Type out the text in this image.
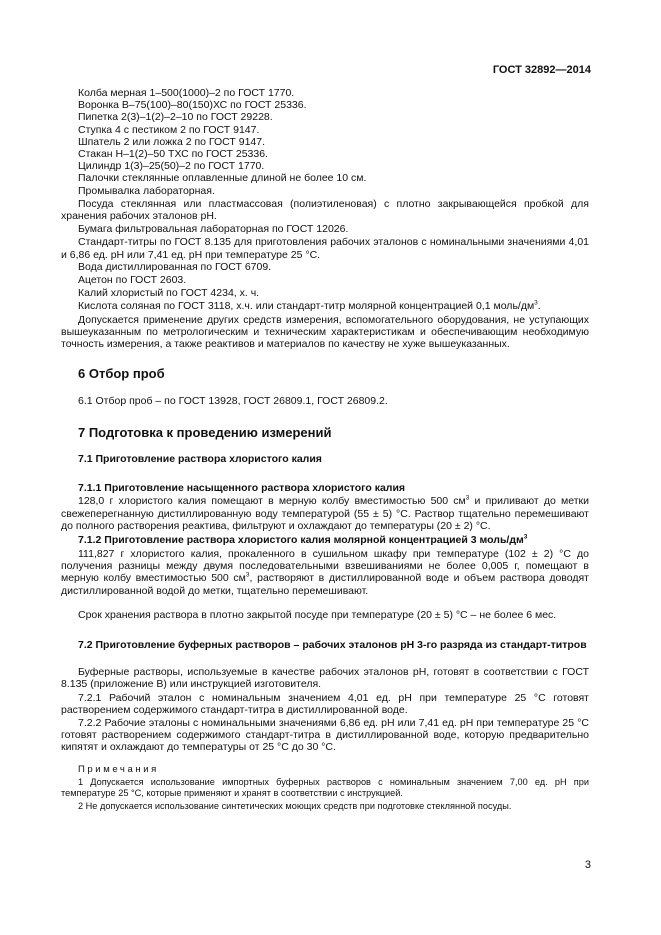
ГОСТ 32892—2014

Колба мерная 1–500(1000)–2 по ГОСТ 1770.

Воронка В–75(100)–80(150)ХС по ГОСТ 25336.

Пипетка 2(3)–1(2)–2–10 по ГОСТ 29228.

Ступка 4 с пестиком 2 по ГОСТ 9147.

Шпатель 2 или ложка 2 по ГОСТ 9147.

Стакан Н–1(2)–50 ТХС по ГОСТ 25336.

Цилиндр 1(3)–25(50)–2 по ГОСТ 1770.

Палочки стеклянные оплавленные длиной не более 10 см.

Промывалка лабораторная.

Посуда стеклянная или пластмассовая (полиэтиленовая) с плотно закрывающейся пробкой для хранения рабочих эталонов рН.

Бумага фильтровальная лабораторная по ГОСТ 12026.

Стандарт-титры по ГОСТ 8.135 для приготовления рабочих эталонов с номинальными значениями 4,01 и 6,86 ед. рН или 7,41 ед. рН при температуре 25 °С.

Вода дистиллированная по ГОСТ 6709.

Ацетон по ГОСТ 2603.

Калий хлористый по ГОСТ 4234, х. ч.

Кислота соляная по ГОСТ 3118, х.ч. или стандарт-титр молярной концентрацией 0,1 моль/$дм^3$.

Допускается применение других средств измерения, вспомогательного оборудования, не уступающих вышеуказанным по метрологическим и техническим характеристикам и обеспечивающим необходимую точность измерения, а также реактивов и материалов по качеству не хуже вышеуказанных.

6 Отбор проб

6.1 Отбор проб – по ГОСТ 13928, ГОСТ 26809.1, ГОСТ 26809.2.

7 Подготовка к проведению измерений

7.1 Приготовление раствора хлористого калия

7.1.1 Приготовление насыщенного раствора хлористого калия

128,0 г хлористого калия помещают в мерную колбу вместимостью 500 $см^3$ и приливают до метки свежеперегнанную дистиллированную воду температурой (55 ± 5) °С. Раствор тщательно перемешивают до полного растворения реактива, фильтруют и охлаждают до температуры (20 ± 2) °С.

7.1.2 Приготовление раствора хлористого калия молярной концентрацией 3 моль/$дм^3$

111,827 г хлористого калия, прокаленного в сушильном шкафу при температуре (102 ± 2) °С до получения разницы между двумя последовательными взвешиваниями не более 0,005 г, помещают в мерную колбу вместимостью 500 $см^3$, растворяют в дистиллированной воде и объем раствора доводят дистиллированной водой до метки, тщательно перемешивают.

Срок хранения раствора в плотно закрытой посуде при температуре (20 ± 5) °С – не более 6 мес.

7.2 Приготовление буферных растворов – рабочих эталонов рН 3-го разряда из стандарт-титров

Буферные растворы, используемые в качестве рабочих эталонов рН, готовят в соответствии с ГОСТ 8.135 (приложение В) или инструкцией изготовителя.

7.2.1 Рабочий эталон с номинальным значением 4,01 ед. рН при температуре 25 °С готовят растворением содержимого стандарт-титра в дистиллированной воде.

7.2.2 Рабочие эталоны с номинальными значениями 6,86 ед. рН или 7,41 ед. рН при температуре 25 °С готовят растворением содержимого стандарт-титра в дистиллированной воде, которую предварительно кипятят и охлаждают до температуры от 25 °С до 30 °С.

Примечания

1 Допускается использование импортных буферных растворов с номинальным значением 7,00 ед. рН при температуре 25 °С, которые применяют и хранят в соответствии с инструкцией.

2 Не допускается использование синтетических моющих средств при подготовке стеклянной посуды.

3
